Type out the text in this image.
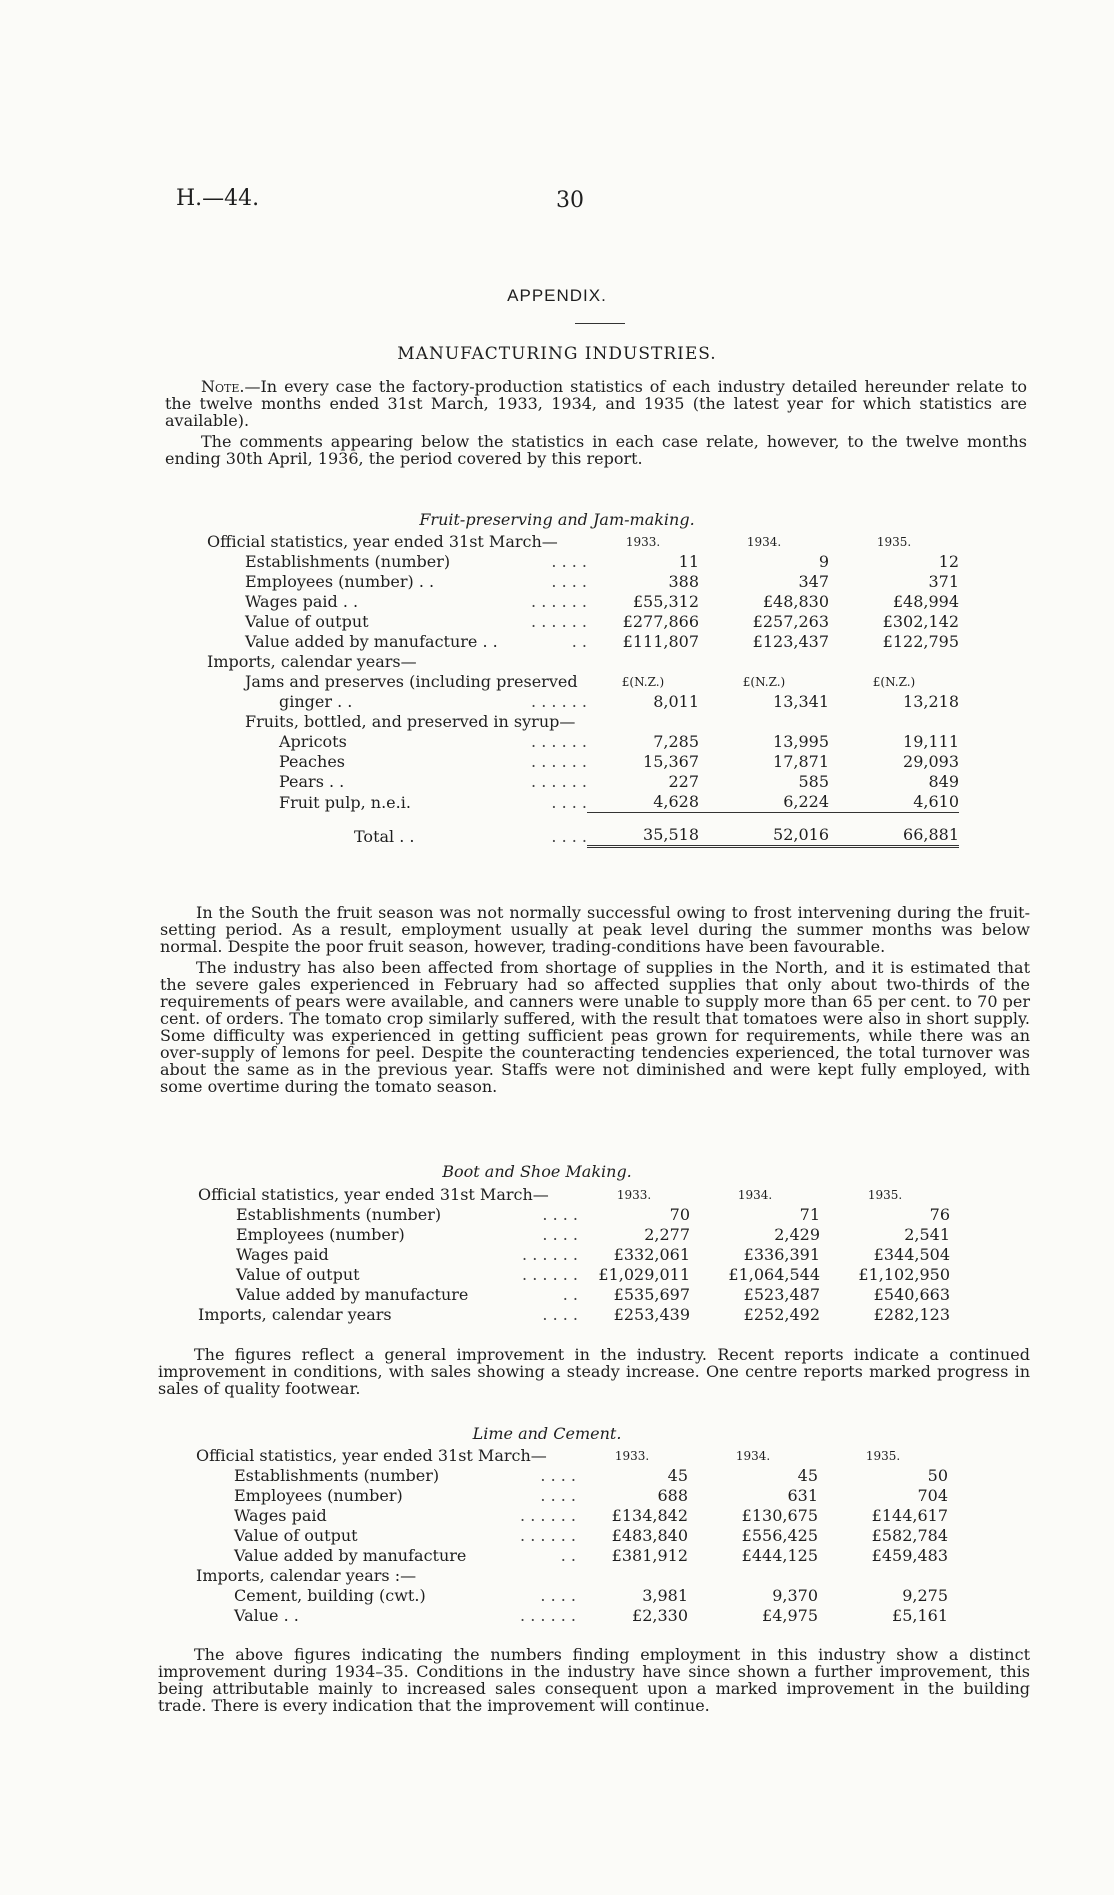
H.—44.	30
APPENDIX.
MANUFACTURING INDUSTRIES.
Note.—In every case the factory-production statistics of each industry detailed hereunder relate to the twelve months ended 31st March, 1933, 1934, and 1935 (the latest year for which statistics are available).
The comments appearing below the statistics in each case relate, however, to the twelve months ending 30th April, 1936, the period covered by this report.
Fruit-preserving and Jam-making.
Official statistics, year ended 31st March—		1933.	1934.	1935.
Establishments (number)	. . . .	11	9	12
Employees (number) . .	. . . .	388	347	371
Wages paid . .	. . . . . .	£55,312	£48,830	£48,994
Value of output	. . . . . .	£277,866	£257,263	£302,142
Value added by manufacture . .	. .	£111,807	£123,437	£122,795
Imports, calendar years—				
Jams and preserves (including preserved		£(N.Z.)	£(N.Z.)	£(N.Z.)
ginger . .	. . . . . .	8,011	13,341	13,218
Fruits, bottled, and preserved in syrup—				
Apricots	. . . . . .	7,285	13,995	19,111
Peaches	. . . . . .	15,367	17,871	29,093
Pears . .	. . . . . .	227	585	849
Fruit pulp, n.e.i.	. . . .	4,628	6,224	4,610
Total . .	. . . .	35,518	52,016	66,881

In the South the fruit season was not normally successful owing to frost intervening during the fruit-setting period. As a result, employment usually at peak level during the summer months was below normal. Despite the poor fruit season, however, trading-conditions have been favourable.
The industry has also been affected from shortage of supplies in the North, and it is estimated that the severe gales experienced in February had so affected supplies that only about two-thirds of the requirements of pears were available, and canners were unable to supply more than 65 per cent. to 70 per cent. of orders. The tomato crop similarly suffered, with the result that tomatoes were also in short supply. Some difficulty was experienced in getting sufficient peas grown for requirements, while there was an over-supply of lemons for peel. Despite the counteracting tendencies experienced, the total turnover was about the same as in the previous year. Staffs were not diminished and were kept fully employed, with some overtime during the tomato season.
Boot and Shoe Making.
Official statistics, year ended 31st March—		1933.	1934.	1935.
Establishments (number)	. . . .	70	71	76
Employees (number)	. . . .	2,277	2,429	2,541
Wages paid	. . . . . .	£332,061	£336,391	£344,504
Value of output	. . . . . .	£1,029,011	£1,064,544	£1,102,950
Value added by manufacture	. .	£535,697	£523,487	£540,663
Imports, calendar years	. . . .	£253,439	£252,492	£282,123
The figures reflect a general improvement in the industry. Recent reports indicate a continued improvement in conditions, with sales showing a steady increase. One centre reports marked progress in sales of quality footwear.
Lime and Cement.
Official statistics, year ended 31st March—		1933.	1934.	1935.
Establishments (number)	. . . .	45	45	50
Employees (number)	. . . .	688	631	704
Wages paid	. . . . . .	£134,842	£130,675	£144,617
Value of output	. . . . . .	£483,840	£556,425	£582,784
Value added by manufacture	. .	£381,912	£444,125	£459,483
Imports, calendar years :—				
Cement, building (cwt.)	. . . .	3,981	9,370	9,275
Value . .	. . . . . .	£2,330	£4,975	£5,161
The above figures indicating the numbers finding employment in this industry show a distinct improvement during 1934–35. Conditions in the industry have since shown a further improvement, this being attributable mainly to increased sales consequent upon a marked improvement in the building trade. There is every indication that the improvement will continue.
